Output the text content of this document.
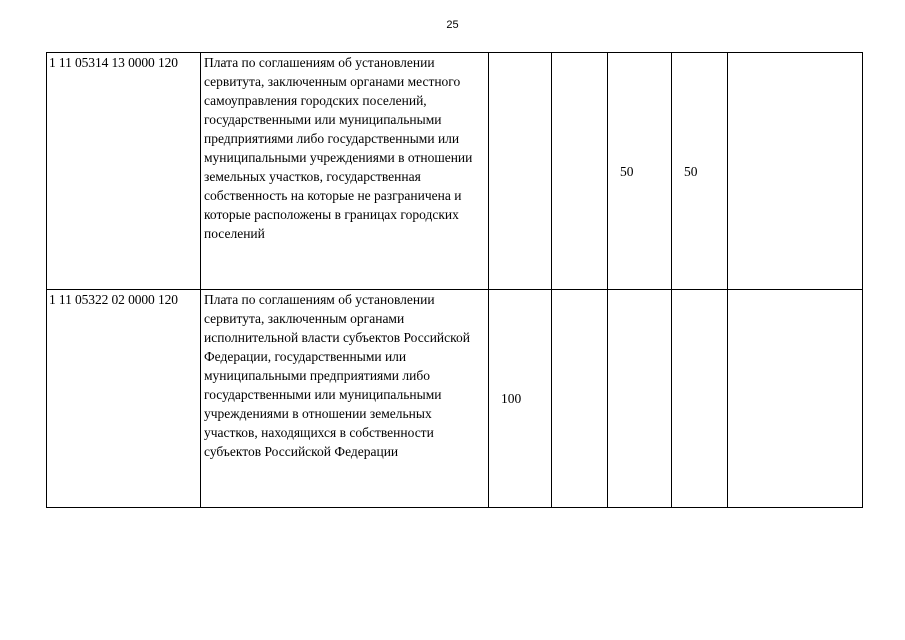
25
1 11 05314 13 0000 120	Плата по соглашениям об установлении сервитута, заключенным органами местного самоуправления городских поселений, государственными или муниципальными предприятиями либо государственными или муниципальными учреждениями в отношении земельных участков, государственная собственность на которые не разграничена и которые расположены в границах городских поселений			50	50	
1 11 05322 02 0000 120	Плата по соглашениям об установлении сервитута, заключенным органами исполнительной власти субъектов Российской Федерации, государственными или муниципальными предприятиями либо государственными или муниципальными учреждениями в отношении земельных участков, находящихся в собственности субъектов Российской Федерации	100				
